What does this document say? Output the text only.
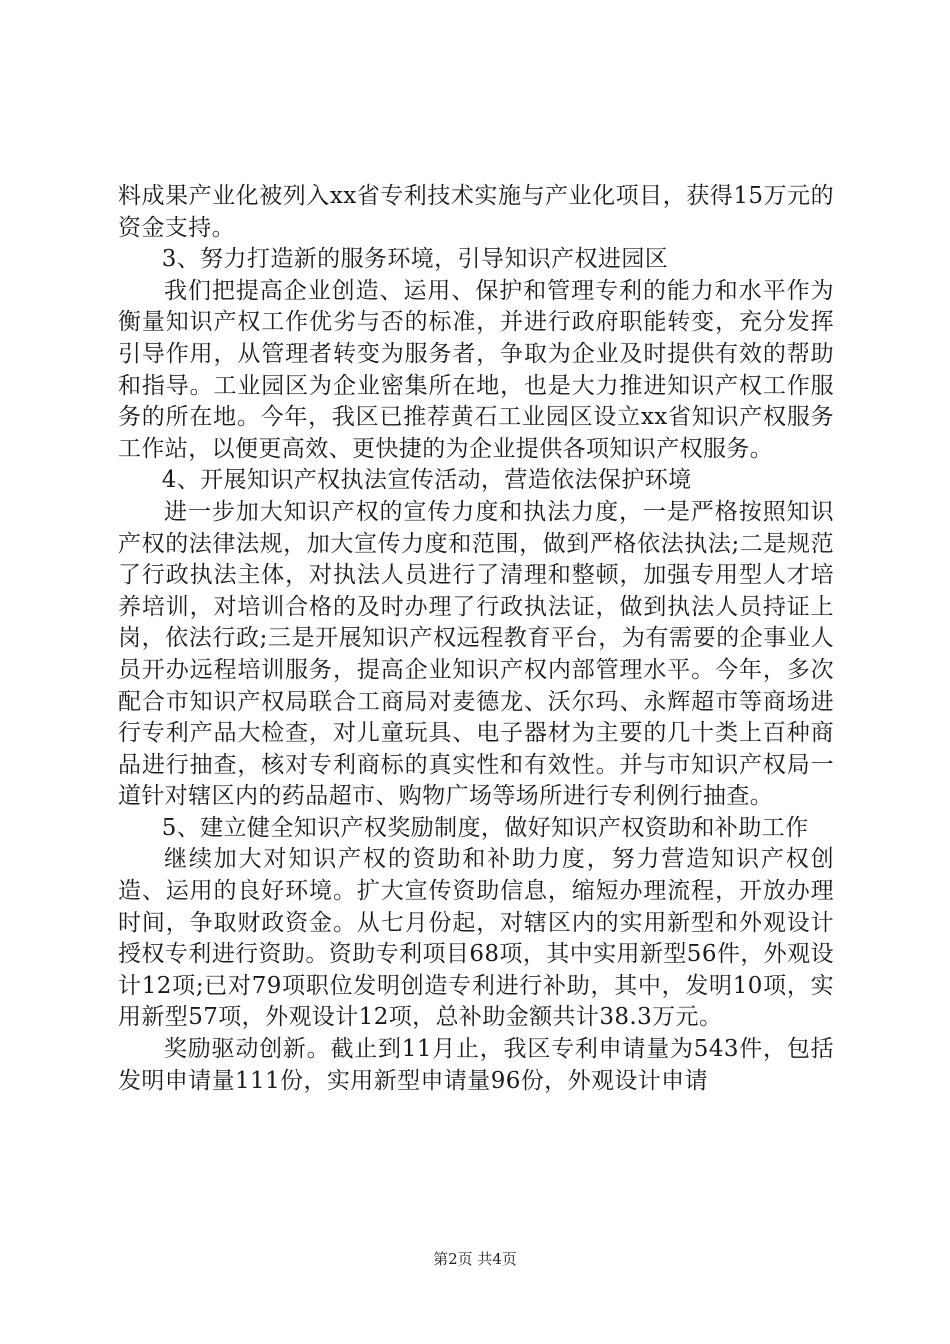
料成果产业化被列入xx省专利技术实施与产业化项目，获得15万元的资金支持。

3、努力打造新的服务环境，引导知识产权进园区

我们把提高企业创造、运用、保护和管理专利的能力和水平作为衡量知识产权工作优劣与否的标准，并进行政府职能转变，充分发挥引导作用，从管理者转变为服务者，争取为企业及时提供有效的帮助和指导。工业园区为企业密集所在地，也是大力推进知识产权工作服务的所在地。今年，我区已推荐黄石工业园区设立xx省知识产权服务工作站，以便更高效、更快捷的为企业提供各项知识产权服务。

4、开展知识产权执法宣传活动，营造依法保护环境

进一步加大知识产权的宣传力度和执法力度，一是严格按照知识产权的法律法规，加大宣传力度和范围，做到严格依法执法;二是规范了行政执法主体，对执法人员进行了清理和整顿，加强专用型人才培养培训，对培训合格的及时办理了行政执法证，做到执法人员持证上岗，依法行政;三是开展知识产权远程教育平台，为有需要的企事业人员开办远程培训服务，提高企业知识产权内部管理水平。今年，多次配合市知识产权局联合工商局对麦德龙、沃尔玛、永辉超市等商场进行专利产品大检查，对儿童玩具、电子器材为主要的几十类上百种商品进行抽查，核对专利商标的真实性和有效性。并与市知识产权局一道针对辖区内的药品超市、购物广场等场所进行专利例行抽查。

5、建立健全知识产权奖励制度，做好知识产权资助和补助工作

继续加大对知识产权的资助和补助力度，努力营造知识产权创造、运用的良好环境。扩大宣传资助信息，缩短办理流程，开放办理时间，争取财政资金。从七月份起，对辖区内的实用新型和外观设计授权专利进行资助。资助专利项目68项，其中实用新型56件，外观设计12项;已对79项职位发明创造专利进行补助，其中，发明10项，实用新型57项，外观设计12项，总补助金额共计38.3万元。

奖励驱动创新。截止到11月止，我区专利申请量为543件，包括发明申请量111份，实用新型申请量96份，外观设计申请

第2页 共4页
